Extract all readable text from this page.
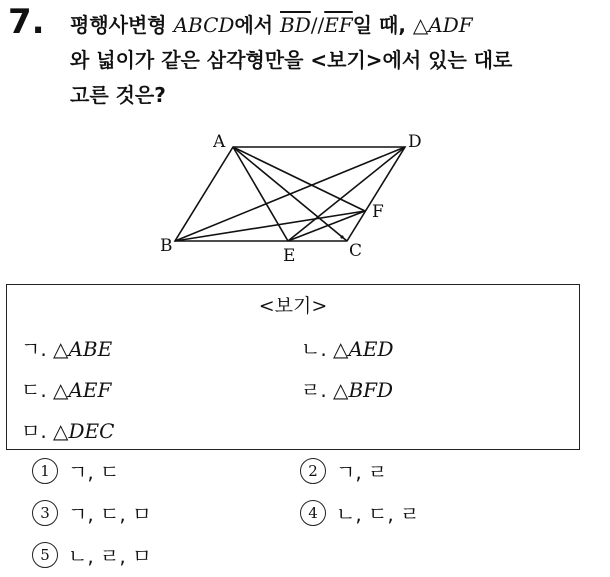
7. 평행사변형 ABCD에서 $\overline{BD}//\overline{EF}$일 때, △ADF
와 넓이가 같은 삼각형만을 <보기>에서 있는 대로
고른 것은?
A	D
F
B	E	C
<보기>
ㄱ. △ABE	ㄴ. △AED
ㄷ. △AEF	ㄹ. △BFD
ㅁ. △DEC
1 ㄱ, ㄷ	2 ㄱ, ㄹ
3 ㄱ, ㄷ, ㅁ	4 ㄴ, ㄷ, ㄹ
5 ㄴ, ㄹ, ㅁ
